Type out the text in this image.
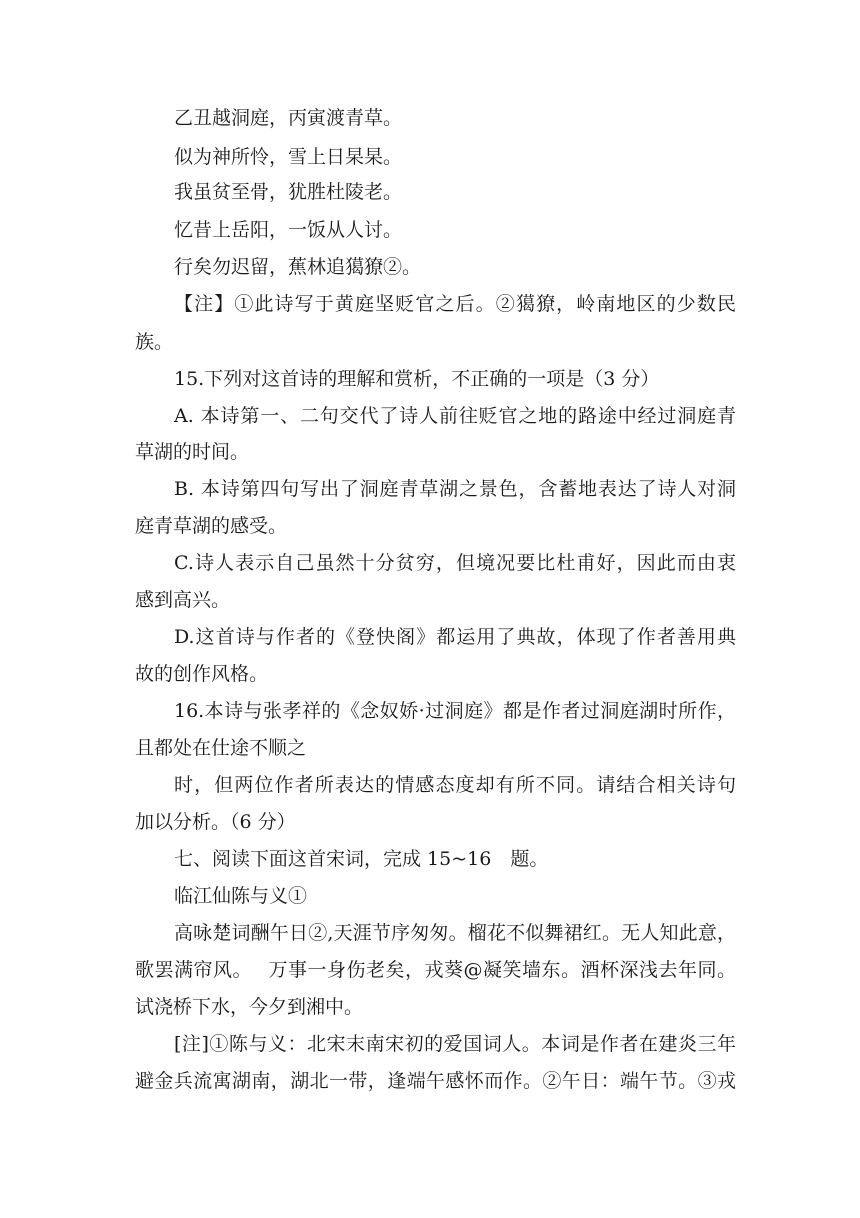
乙丑越洞庭，丙寅渡青草。
似为神所怜，雪上日杲杲。
我虽贫至骨，犹胜杜陵老。
忆昔上岳阳，一饭从人讨。
行矣勿迟留，蕉林追獦獠②。
【注】①此诗写于黄庭坚贬官之后。②獦獠，岭南地区的少数民
族。
15.下列对这首诗的理解和赏析，不正确的一项是（3 分）
A. 本诗第一、二句交代了诗人前往贬官之地的路途中经过洞庭青
草湖的时间。
B. 本诗第四句写出了洞庭青草湖之景色，含蓄地表达了诗人对洞
庭青草湖的感受。
C.诗人表示自己虽然十分贫穷，但境况要比杜甫好，因此而由衷
感到高兴。
D.这首诗与作者的《登快阁》都运用了典故，体现了作者善用典
故的创作风格。
16.本诗与张孝祥的《念奴娇·过洞庭》都是作者过洞庭湖时所作，
且都处在仕途不顺之
时，但两位作者所表达的情感态度却有所不同。请结合相关诗句
加以分析。（6 分）
七、阅读下面这首宋词，完成 15~16　题。
临江仙陈与义①
高咏楚词酬午日②,天涯节序匆匆。榴花不似舞裙红。无人知此意，
歌罢满帘风。　 万事一身伤老矣，戎葵@凝笑墙东。酒杯深浅去年同。
试浇桥下水，今夕到湘中。
[注]①陈与义：北宋末南宋初的爱国词人。本词是作者在建炎三年
避金兵流寓湖南，湖北一带，逢端午感怀而作。②午日：端午节。③戎
